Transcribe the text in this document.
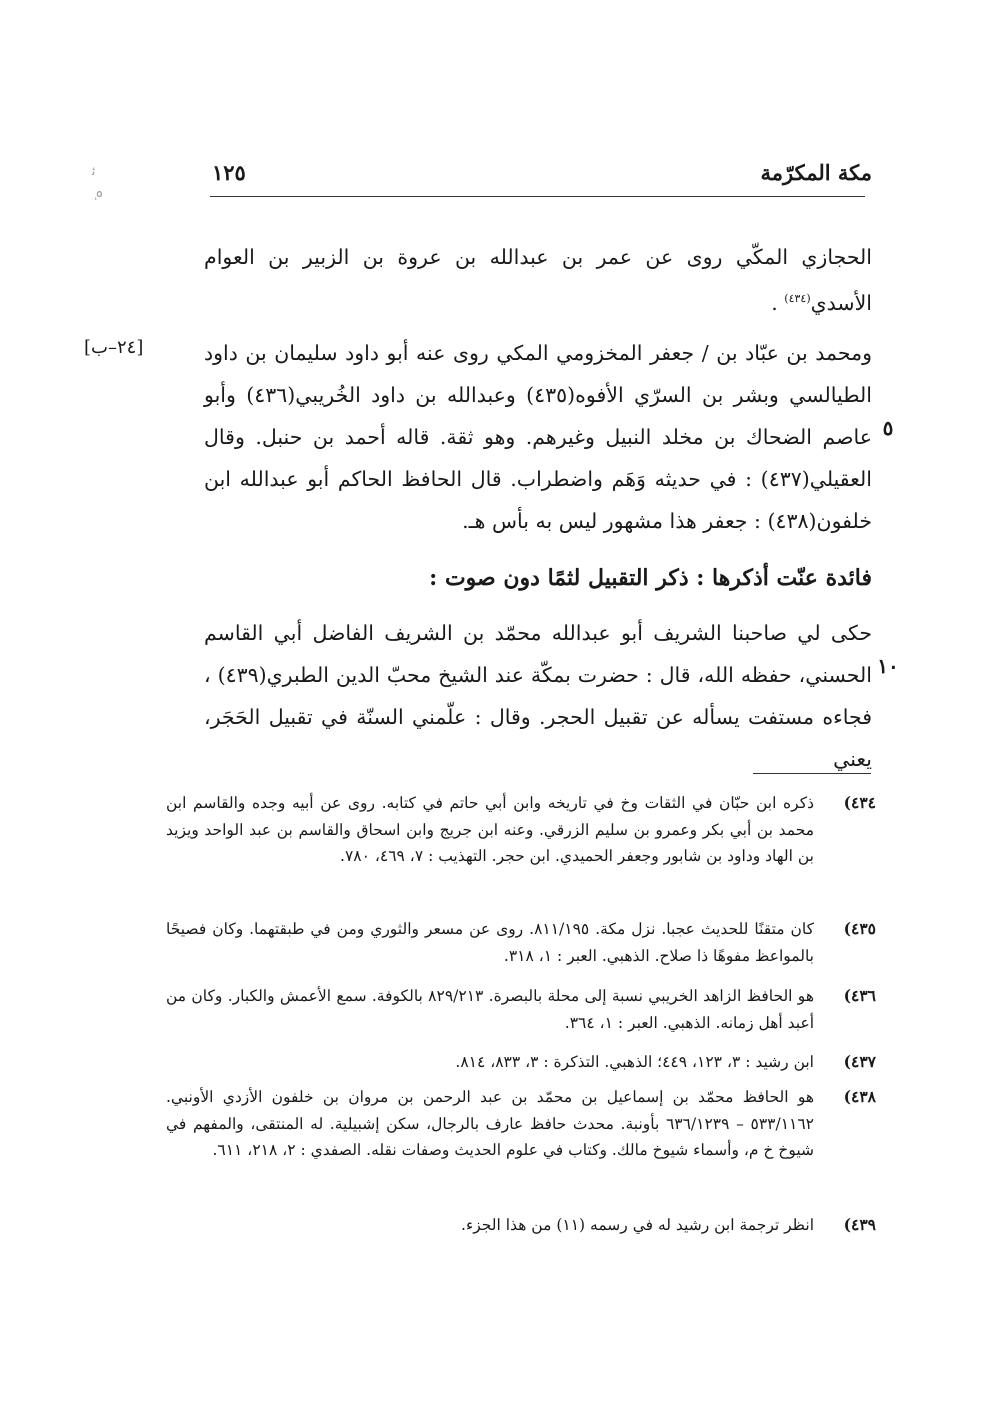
ﺋ
ٖ ٥
مكة المكرّمة
١٢٥
الحجازي المكّي روى عن عمر بن عبدالله بن عروة بن الزبير بن العوام الأسدي$^{(٤٣٤)}$ .
[٢٤–ب]	ومحمد بن عبّاد بن / جعفر المخزومي المكي روى عنه أبو داود سليمان بن داود الطيالسي وبشر بن السرّي الأفوه(٤٣٥) وعبدالله بن داود الخُريبي(٤٣٦) وأبو عاصم الضحاك بن مخلد النبيل وغيرهم. وهو ثقة. قاله أحمد بن حنبل. وقال العقيلي(٤٣٧) : في حديثه وَهَم واضطراب. قال الحافظ الحاكم أبو عبدالله ابن خلفون(٤٣٨) : جعفر هذا مشهور ليس به بأس هـ.
٥
فائدة عنّت أذكرها : ذكر التقبيل لثمًا دون صوت :
حكى لي صاحبنا الشريف أبو عبدالله محمّد بن الشريف الفاضل أبي القاسم الحسني، حفظه الله، قال : حضرت بمكّة عند الشيخ محبّ الدين الطبري(٤٣٩) ، فجاءه مستفت يسأله عن تقبيل الحجر. وقال : علّمني السنّة في تقبيل الحَجَر، يعني
١٠
٤٣٤)
ذكره ابن حبّان في الثقات وخ في تاريخه وابن أبي حاتم في كتابه. روى عن أبيه وجده والقاسم ابن محمد بن أبي بكر وعمرو بن سليم الزرقي. وعنه ابن جريج وابن اسحاق والقاسم بن عبد الواحد ويزيد بن الهاد وداود بن شابور وجعفر الحميدي. ابن حجر. التهذيب : ٧، ٤٦٩، ٧٨٠.
٤٣٥)
كان متقنًا للحديث عجبا. نزل مكة. ٨١١/١٩٥. روى عن مسعر والثوري ومن في طبقتهما. وكان فصيحًا بالمواعظ مفوهًا ذا صلاح. الذهبي. العبر : ١، ٣١٨.
٤٣٦)
هو الحافظ الزاهد الخريبي نسبة إلى محلة بالبصرة. ٨٢٩/٢١٣ بالكوفة. سمع الأعمش والكبار. وكان من أعبد أهل زمانه. الذهبي. العبر : ١، ٣٦٤.
٤٣٧)
ابن رشيد : ٣، ١٢٣، ٤٤٩؛ الذهبي. التذكرة : ٣، ٨٣٣، ٨١٤.
٤٣٨)
هو الحافظ محمّد بن إسماعيل بن محمّد بن عبد الرحمن بن مروان بن خلفون الأزدي الأونبي. ٥٣٣/١١٦٢ – ٦٣٦/١٢٣٩ بأونبة. محدث حافظ عارف بالرجال، سكن إشبيلية. له المنتقى، والمفهم في شيوخ خ م، وأسماء شيوخ مالك. وكتاب في علوم الحديث وصفات نقله. الصفدي : ٢، ٢١٨، ٦١١.
٤٣٩)
انظر ترجمة ابن رشيد له في رسمه (١١) من هذا الجزء.
